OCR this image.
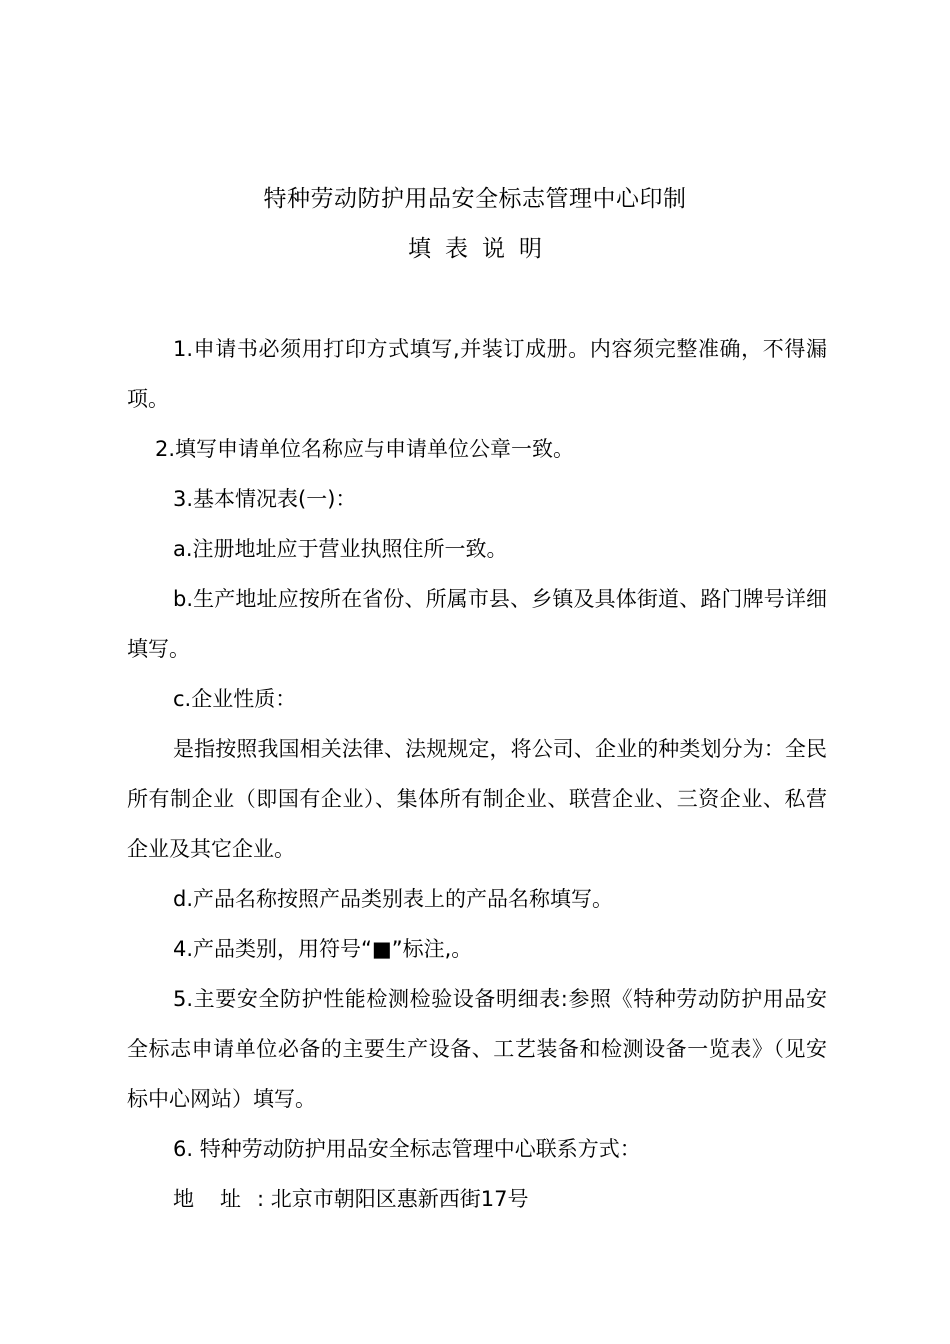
特种劳动防护用品安全标志管理中心印制
填表说明

1.申请书必须用打印方式填写,并装订成册。内容须完整准确，不得漏项。

2.填写申请单位名称应与申请单位公章一致。

3.基本情况表(一)：

a.注册地址应于营业执照住所一致。

b.生产地址应按所在省份、所属市县、乡镇及具体街道、路门牌号详细填写。

c.企业性质：

是指按照我国相关法律、法规规定，将公司、企业的种类划分为：全民所有制企业（即国有企业）、集体所有制企业、联营企业、三资企业、私营企业及其它企业。

d.产品名称按照产品类别表上的产品名称填写。

4.产品类别，用符号“■”标注,。

5.主要安全防护性能检测检验设备明细表:参照《特种劳动防护用品安全标志申请单位必备的主要生产设备、工艺装备和检测设备一览表》（见安标中心网站）填写。

6. 特种劳动防护用品安全标志管理中心联系方式：

地址: 北京市朝阳区惠新西街17号
